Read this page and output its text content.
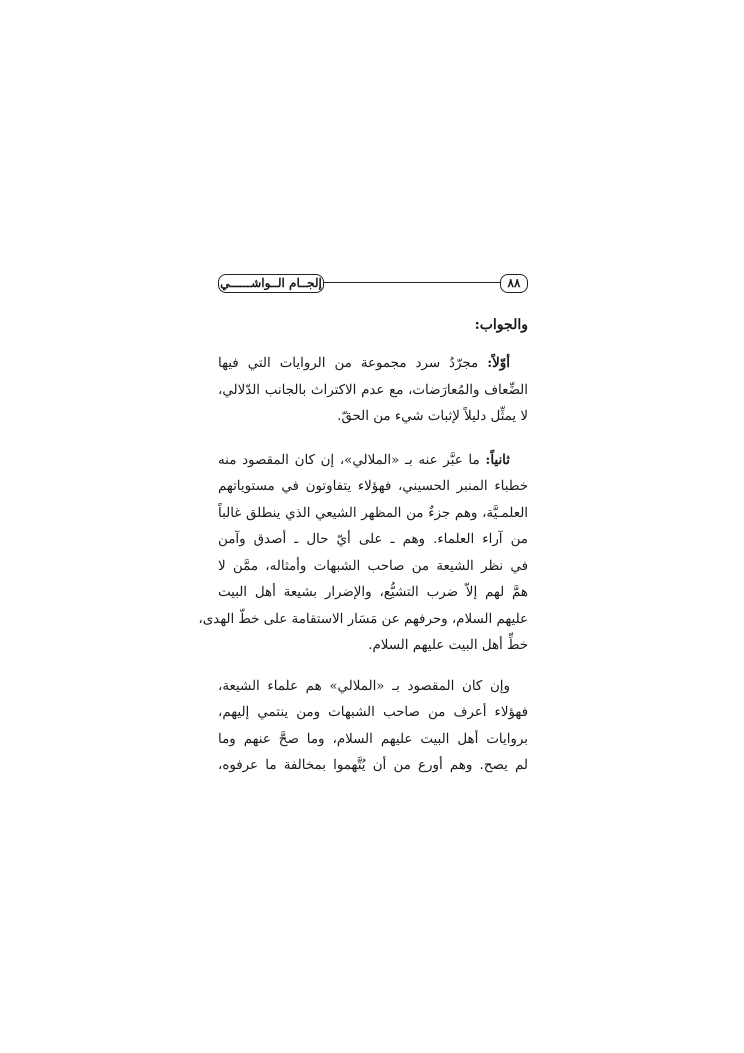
إلجــام الــواشــــــي	٨٨
والجواب:

أوّلاً: مجرّدُ سرد مجموعة من الروايات التي فيها
الضِّعاف والمُعارَضات، مع عدم الاكتراث بالجانب الدّلالي،
لا يمثِّل دليلاً لإثبات شيء من الحقّ.

ثانياً: ما عبَّر عنه بـ «الملالي»، إن كان المقصود منه
خطباء المنبر الحسيني، فهؤلاء يتفاوتون في مستوياتهم
العلمـيَّة، وهم جزءٌ من المظهر الشيعي الذي ينطلق غالباً
من آراء العلماء. وهم ـ على أيّ حال ـ أصدق وآمن
في نظر الشيعة من صاحب الشبهات وأمثاله، ممَّن لا
همَّ لهم إلاّ ضرب التشيُّع، والإضرار بشيعة أهل البيت
عليهم السلام، وحرفهم عن مَسَار الاستقامة على خطّ الهدى،
خطِّ أهل البيت عليهم السلام.

وإن كان المقصود بـ «الملالي» هم علماء الشيعة،
فهؤلاء أعرف من صاحب الشبهات ومن ينتمي إليهم،
بروايات أهل البيت عليهم السلام، وما صحَّ عنهم وما
لم يصح. وهم أورع من أن يُتَّهموا بمخالفة ما عرفوه،
